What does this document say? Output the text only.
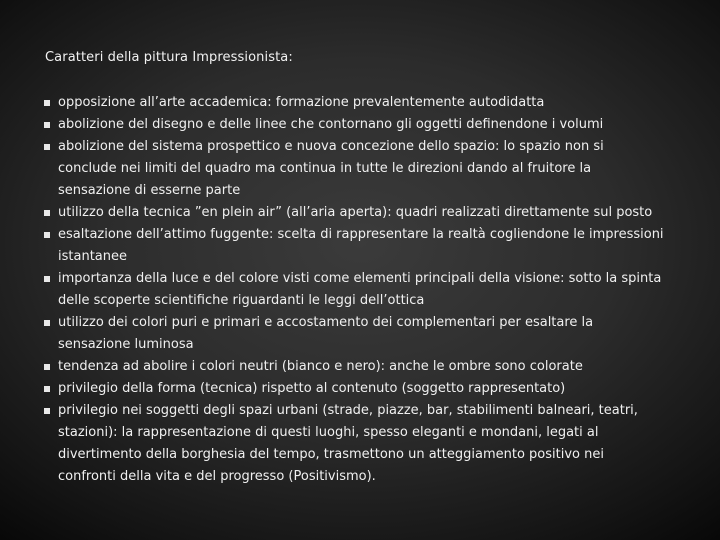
Caratteri della pittura Impressionista:
opposizione all’arte accademica: formazione prevalentemente autodidatta
abolizione del disegno e delle linee che contornano gli oggetti definendone i volumi
abolizione del sistema prospettico e nuova concezione dello spazio: lo spazio non si
conclude nei limiti del quadro ma continua in tutte le direzioni dando al fruitore la
sensazione di esserne parte
utilizzo della tecnica ”en plein air” (all’aria aperta): quadri realizzati direttamente sul posto
esaltazione dell’attimo fuggente: scelta di rappresentare la realtà cogliendone le impressioni
istantanee
importanza della luce e del colore visti come elementi principali della visione: sotto la spinta
delle scoperte scientifiche riguardanti le leggi dell’ottica
utilizzo dei colori puri e primari e accostamento dei complementari per esaltare la
sensazione luminosa
tendenza ad abolire i colori neutri (bianco e nero): anche le ombre sono colorate
privilegio della forma (tecnica) rispetto al contenuto (soggetto rappresentato)
privilegio nei soggetti degli spazi urbani (strade, piazze, bar, stabilimenti balneari, teatri,
stazioni): la rappresentazione di questi luoghi, spesso eleganti e mondani, legati al
divertimento della borghesia del tempo, trasmettono un atteggiamento positivo nei
confronti della vita e del progresso (Positivismo).
